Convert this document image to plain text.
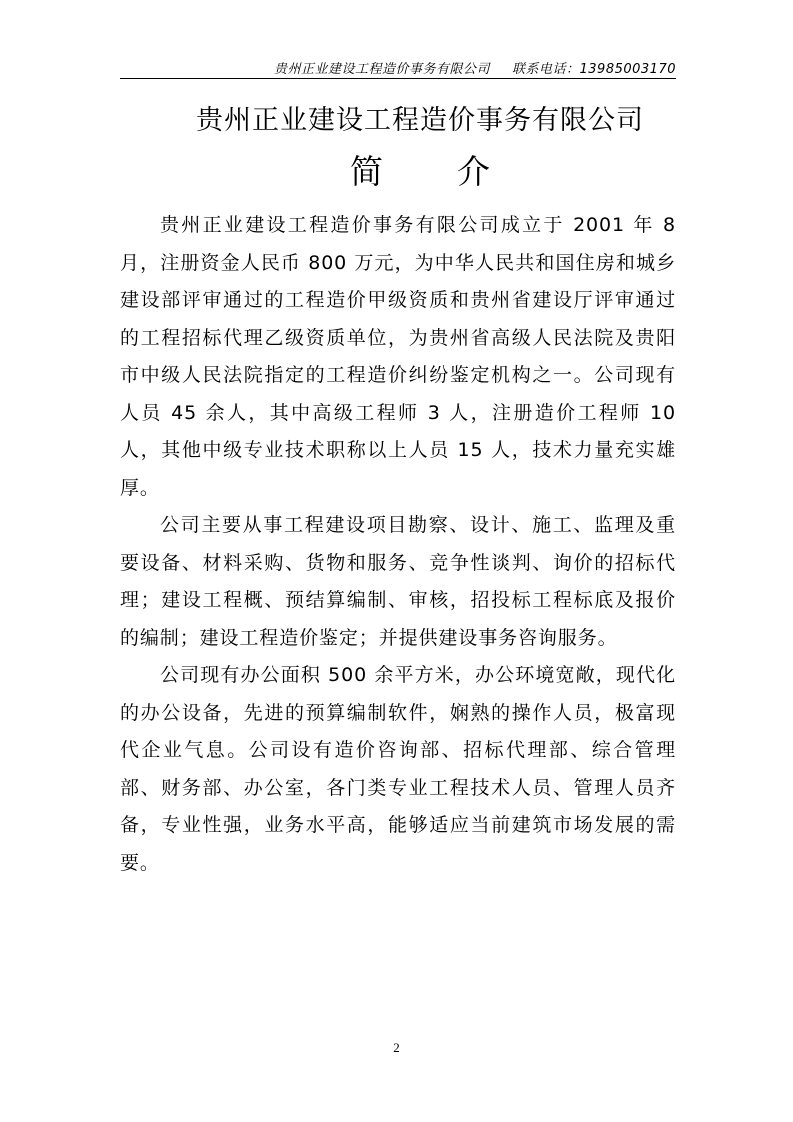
贵州正业建设工程造价事务有限公司 联系电话：13985003170
贵州正业建设工程造价事务有限公司
简 介

贵州正业建设工程造价事务有限公司成立于 2001 年 8 月，注册资金人民币 800 万元，为中华人民共和国住房和城乡建设部评审通过的工程造价甲级资质和贵州省建设厅评审通过的工程招标代理乙级资质单位，为贵州省高级人民法院及贵阳市中级人民法院指定的工程造价纠纷鉴定机构之一。公司现有人员 45 余人，其中高级工程师 3 人，注册造价工程师 10 人，其他中级专业技术职称以上人员 15 人，技术力量充实雄厚。

公司主要从事工程建设项目勘察、设计、施工、监理及重要设备、材料采购、货物和服务、竞争性谈判、询价的招标代理；建设工程概、预结算编制、审核，招投标工程标底及报价的编制；建设工程造价鉴定；并提供建设事务咨询服务。

公司现有办公面积 500 余平方米，办公环境宽敞，现代化的办公设备，先进的预算编制软件，娴熟的操作人员，极富现代企业气息。公司设有造价咨询部、招标代理部、综合管理部、财务部、办公室，各门类专业工程技术人员、管理人员齐备，专业性强，业务水平高，能够适应当前建筑市场发展的需要。

2
